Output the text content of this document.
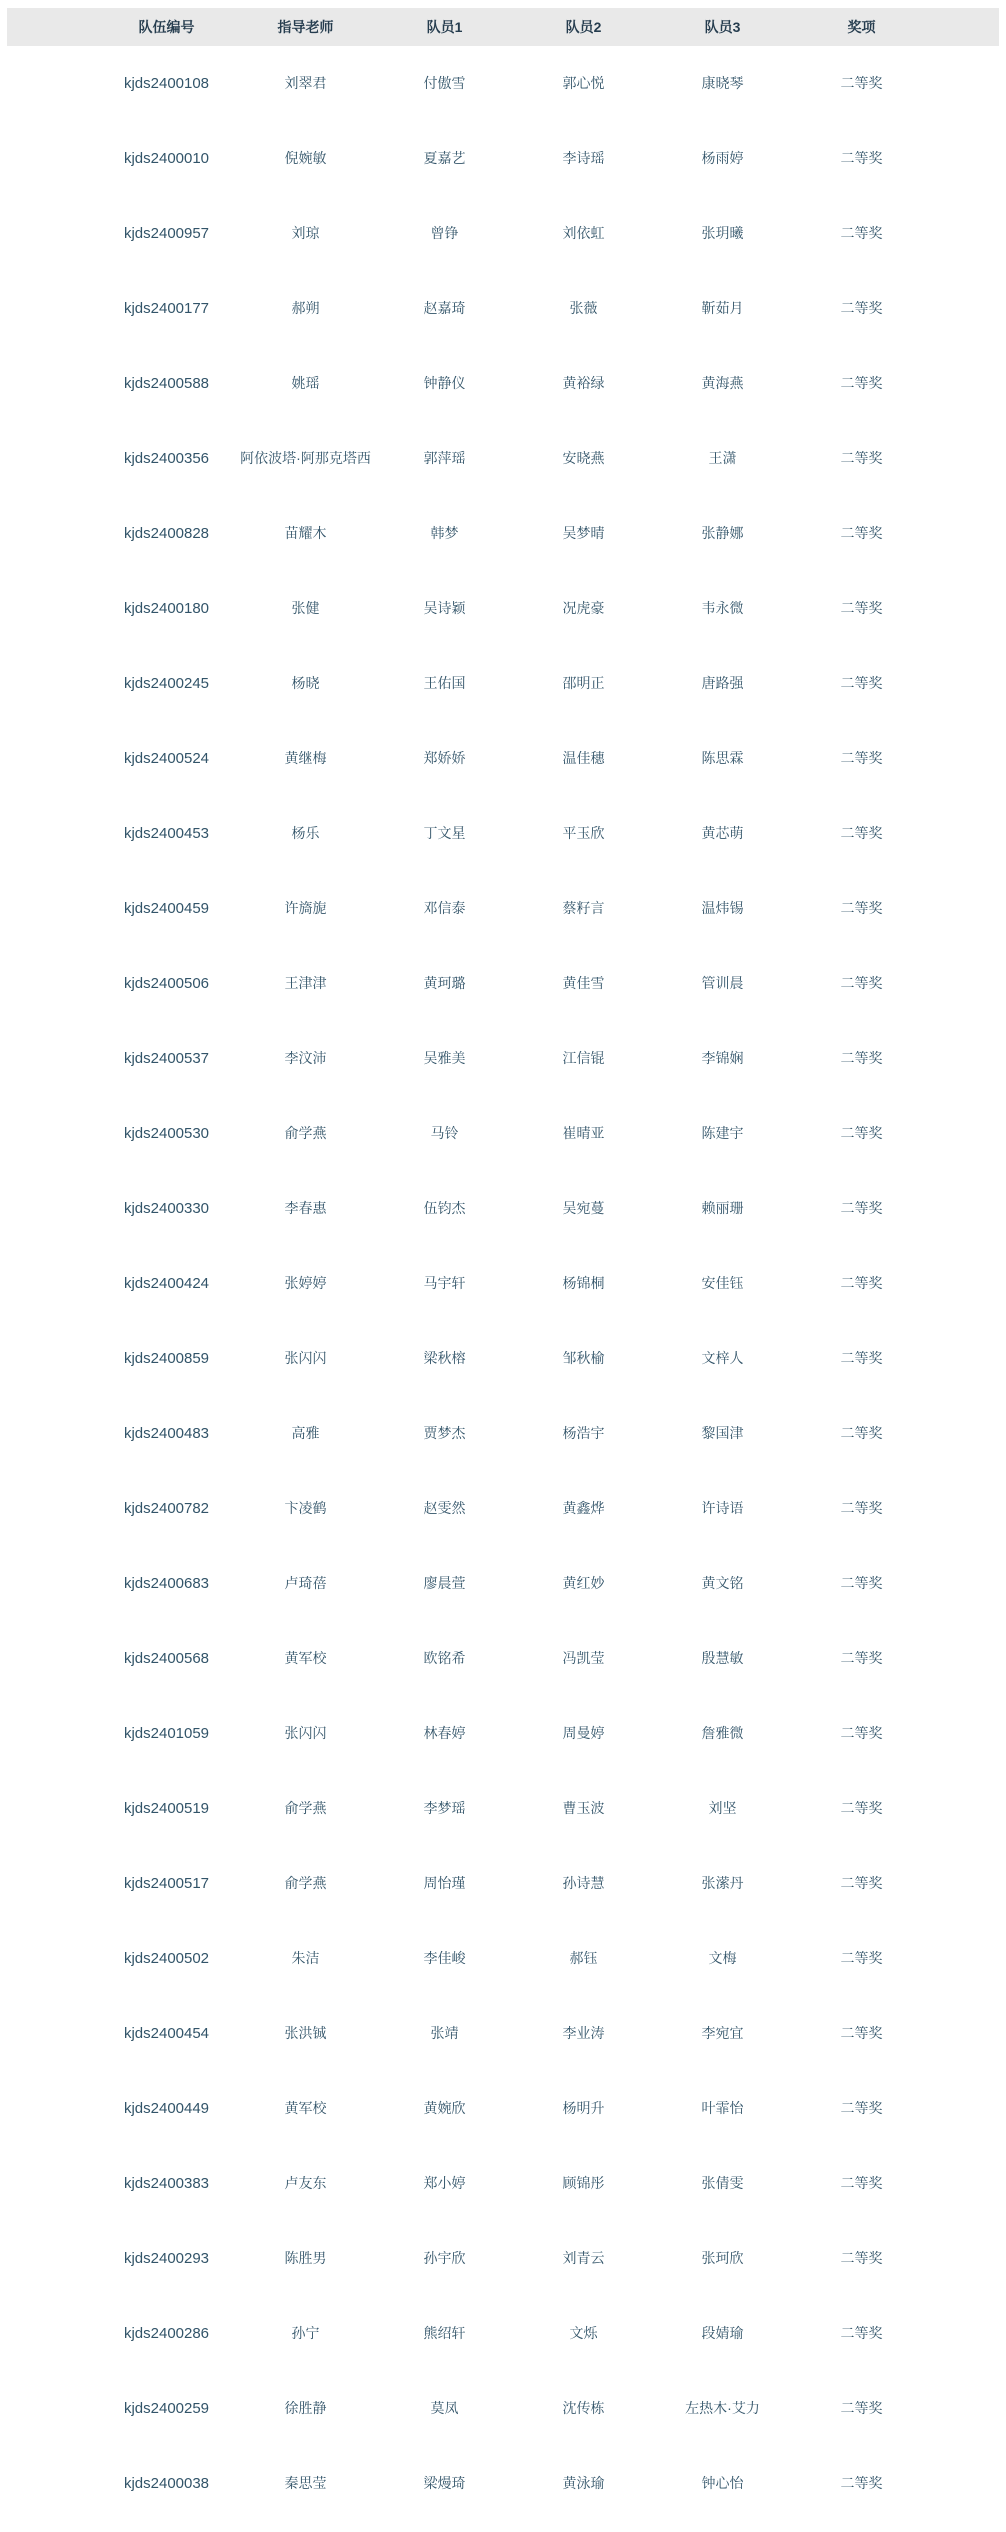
队伍编号	指导老师	队员1	队员2	队员3	奖项
kjds2400108	刘翠君	付傲雪	郭心悦	康晓琴	二等奖
kjds2400010	倪婉敏	夏嘉艺	李诗瑶	杨雨婷	二等奖
kjds2400957	刘琼	曾铮	刘依虹	张玥曦	二等奖
kjds2400177	郝朔	赵嘉琦	张薇	靳茹月	二等奖
kjds2400588	姚瑶	钟静仪	黄裕绿	黄海燕	二等奖
kjds2400356	阿依波塔·阿那克塔西	郭萍瑶	安晓燕	王潇	二等奖
kjds2400828	苗耀木	韩梦	吴梦晴	张静娜	二等奖
kjds2400180	张健	吴诗颖	况虎豪	韦永微	二等奖
kjds2400245	杨晓	王佑国	邵明正	唐路强	二等奖
kjds2400524	黄继梅	郑娇娇	温佳穗	陈思霖	二等奖
kjds2400453	杨乐	丁文星	平玉欣	黄芯萌	二等奖
kjds2400459	许旖旎	邓信泰	蔡籽言	温炜锡	二等奖
kjds2400506	王津津	黄珂璐	黄佳雪	管训晨	二等奖
kjds2400537	李汶沛	吴雅美	江信锟	李锦娴	二等奖
kjds2400530	俞学燕	马铃	崔晴亚	陈建宇	二等奖
kjds2400330	李春惠	伍钧杰	吴宛蔓	赖丽珊	二等奖
kjds2400424	张婷婷	马宇轩	杨锦桐	安佳钰	二等奖
kjds2400859	张闪闪	梁秋榕	邹秋榆	文梓人	二等奖
kjds2400483	高雅	贾梦杰	杨浩宇	黎国津	二等奖
kjds2400782	卞凌鹤	赵雯然	黄鑫烨	许诗语	二等奖
kjds2400683	卢琦蓓	廖晨萱	黄红妙	黄文铭	二等奖
kjds2400568	黄军校	欧铭希	冯凯莹	殷慧敏	二等奖
kjds2401059	张闪闪	林春婷	周曼婷	詹雅微	二等奖
kjds2400519	俞学燕	李梦瑶	曹玉波	刘坚	二等奖
kjds2400517	俞学燕	周怡瑾	孙诗慧	张潆丹	二等奖
kjds2400502	朱洁	李佳峻	郝钰	文梅	二等奖
kjds2400454	张洪铖	张靖	李业涛	李宛宜	二等奖
kjds2400449	黄军校	黄婉欣	杨明升	叶霏怡	二等奖
kjds2400383	卢友东	郑小婷	顾锦彤	张倩雯	二等奖
kjds2400293	陈胜男	孙宇欣	刘青云	张珂欣	二等奖
kjds2400286	孙宁	熊绍轩	文烁	段婧瑜	二等奖
kjds2400259	徐胜静	莫凤	沈传栋	左热木·艾力	二等奖
kjds2400038	秦思莹	梁熳琦	黄泳瑜	钟心怡	二等奖
